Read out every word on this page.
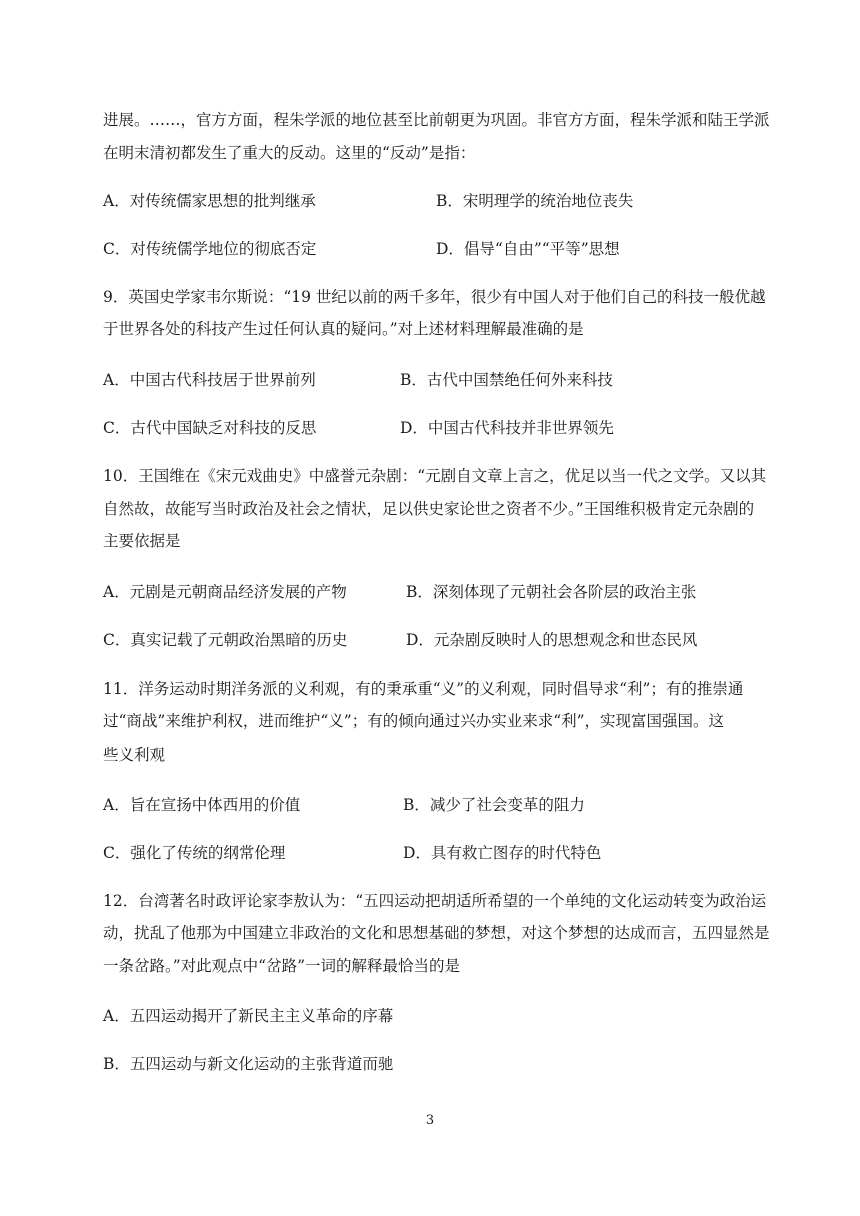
进展。……，官方方面，程朱学派的地位甚至比前朝更为巩固。非官方方面，程朱学派和陆王学派
在明末清初都发生了重大的反动。这里的“反动”是指：
A．对传统儒家思想的批判继承	B．宋明理学的统治地位丧失
C．对传统儒学地位的彻底否定	D．倡导“自由”“平等”思想
9．英国史学家韦尔斯说：“19 世纪以前的两千多年，很少有中国人对于他们自己的科技一般优越
于世界各处的科技产生过任何认真的疑问。”对上述材料理解最准确的是
A．中国古代科技居于世界前列	B．古代中国禁绝任何外来科技
C．古代中国缺乏对科技的反思	D．中国古代科技并非世界领先
10．王国维在《宋元戏曲史》中盛誉元杂剧：“元剧自文章上言之，优足以当一代之文学。又以其
自然故，故能写当时政治及社会之情状，足以供史家论世之资者不少。”王国维积极肯定元杂剧的
主要依据是
A．元剧是元朝商品经济发展的产物	B．深刻体现了元朝社会各阶层的政治主张
C．真实记载了元朝政治黑暗的历史	D．元杂剧反映时人的思想观念和世态民风
11．洋务运动时期洋务派的义利观，有的秉承重“义”的义利观，同时倡导求“利”；有的推崇通
过“商战”来维护利权，进而维护“义”；有的倾向通过兴办实业来求“利”，实现富国强国。这
些义利观
A．旨在宣扬中体西用的价值	B．减少了社会变革的阻力
C．强化了传统的纲常伦理	D．具有救亡图存的时代特色
12．台湾著名时政评论家李敖认为：“五四运动把胡适所希望的一个单纯的文化运动转变为政治运
动，扰乱了他那为中国建立非政治的文化和思想基础的梦想，对这个梦想的达成而言，五四显然是
一条岔路。”对此观点中“岔路”一词的解释最恰当的是
A．五四运动揭开了新民主主义革命的序幕
B．五四运动与新文化运动的主张背道而驰
3
